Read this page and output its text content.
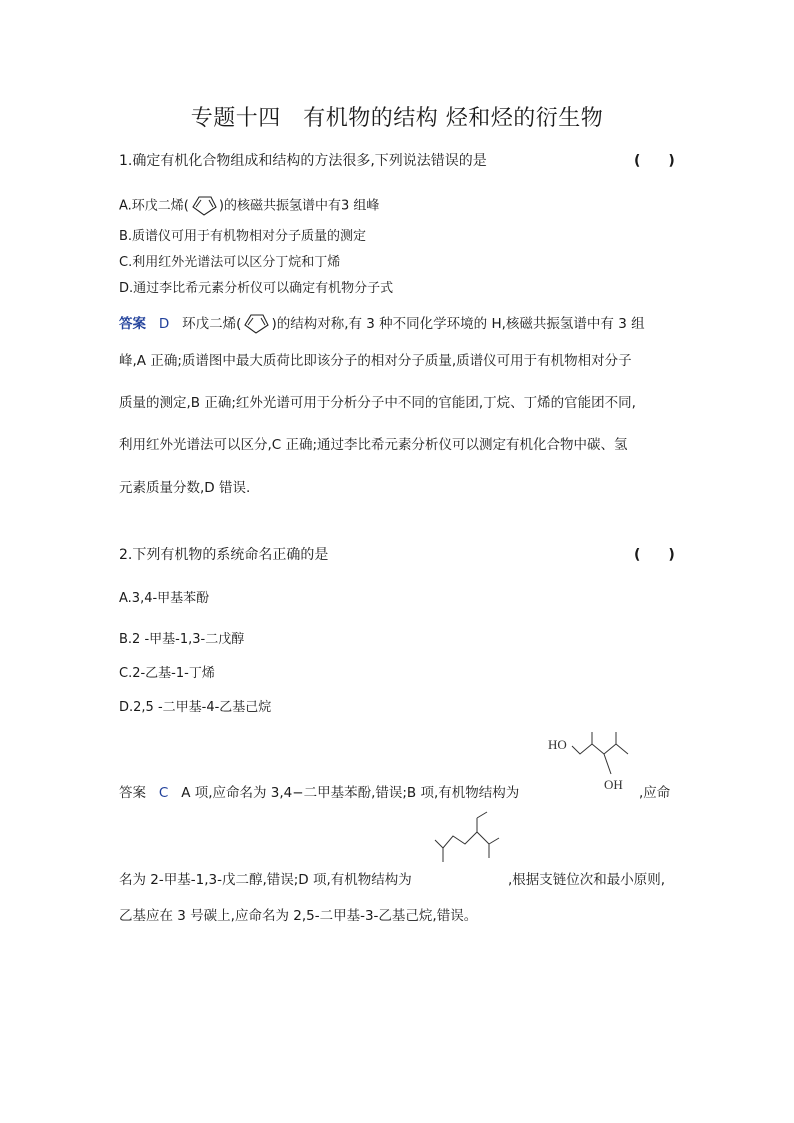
专题十四　有机物的结构 烃和烃的衍生物
1.确定有机化合物组成和结构的方法很多,下列说法错误的是	(　　)
A.环戊二烯( )的核磁共振氢谱中有3 组峰
B.质谱仪可用于有机物相对分子质量的测定
C.利用红外光谱法可以区分丁烷和丁烯
D.通过李比希元素分析仪可以确定有机物分子式
答案 D 环戊二烯( )的结构对称,有 3 种不同化学环境的 H,核磁共振氢谱中有 3 组
峰,A 正确;质谱图中最大质荷比即该分子的相对分子质量,质谱仪可用于有机物相对分子
质量的测定,B 正确;红外光谱可用于分析分子中不同的官能团,丁烷、丁烯的官能团不同,
利用红外光谱法可以区分,C 正确;通过李比希元素分析仪可以测定有机化合物中碳、氢
元素质量分数,D 错误.
2.下列有机物的系统命名正确的是	(　　)
A.3,4-甲基苯酚
B.2 -甲基-1,3-二戊醇
C.2-乙基-1-丁烯
D.2,5 -二甲基-4-乙基己烷
HO
OH
答案 C A 项,应命名为 3,4−二甲基苯酚,错误;B 项,有机物结构为	,应命
名为 2-甲基-1,3-戊二醇,错误;D 项,有机物结构为	,根据支链位次和最小原则,
乙基应在 3 号碳上,应命名为 2,5-二甲基-3-乙基己烷,错误。
